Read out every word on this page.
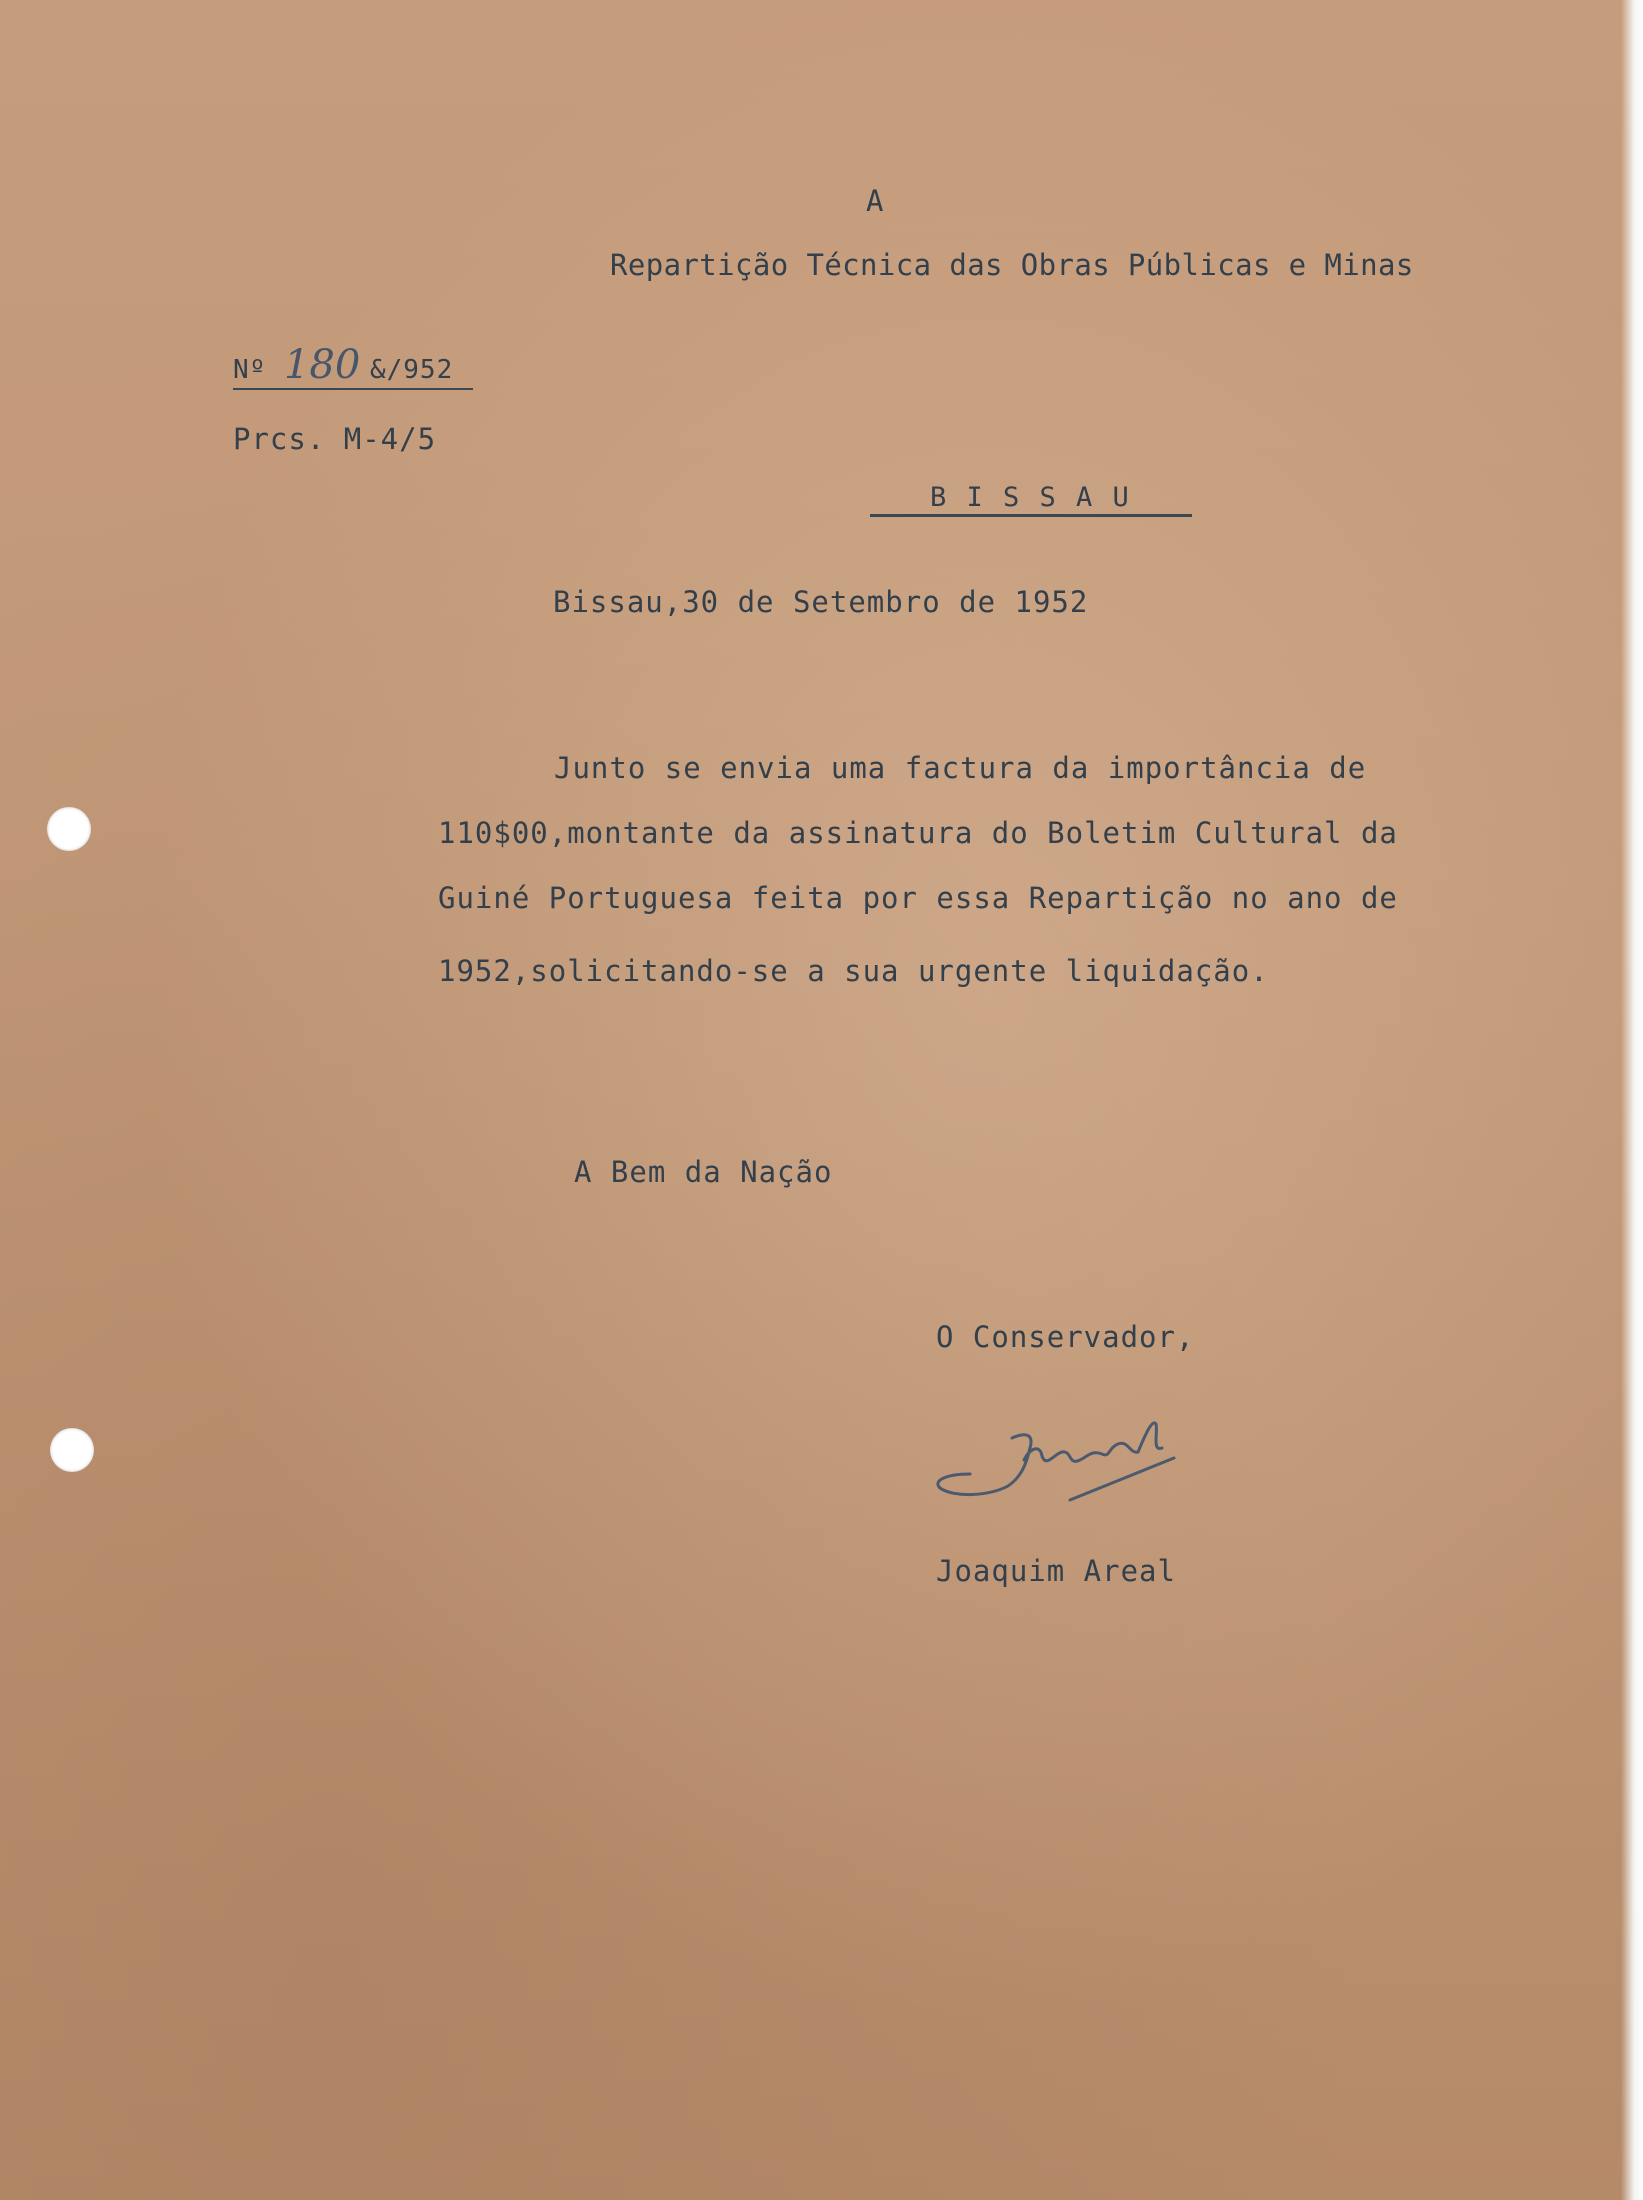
A
Repartição Técnica das Obras Públicas e Minas
Nº 180 &/952
Prcs. M-4/5
B I S S A U
Bissau,30 de Setembro de 1952
Junto se envia uma factura da importância de
110$00,montante da assinatura do Boletim Cultural da
Guiné Portuguesa feita por essa Repartição no ano de
1952,solicitando-se a sua urgente liquidação.
A Bem da Nação
O Conservador,
Joaquim Areal
